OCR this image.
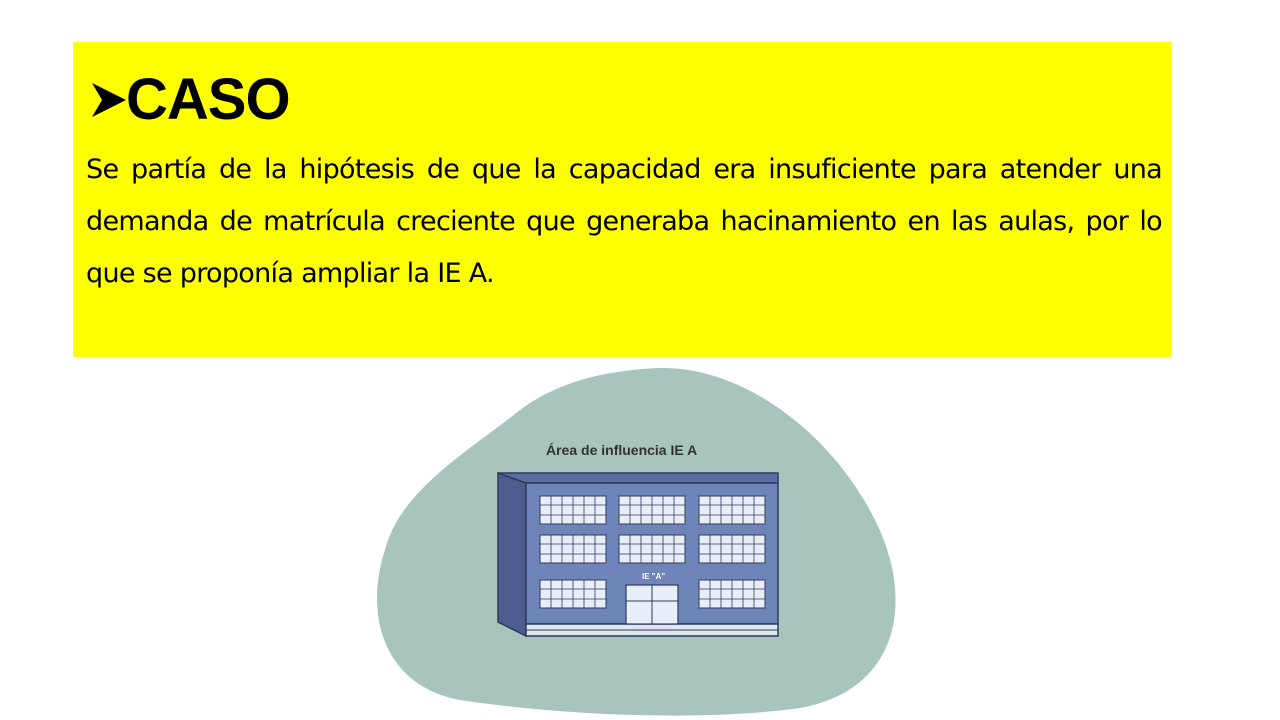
CASO

Se partía de la hipótesis de que la capacidad era insuficiente para atender una demanda de matrícula creciente que generaba hacinamiento en las aulas, por lo que se proponía ampliar la IE A.

Área de influencia IE A
IE "A"
